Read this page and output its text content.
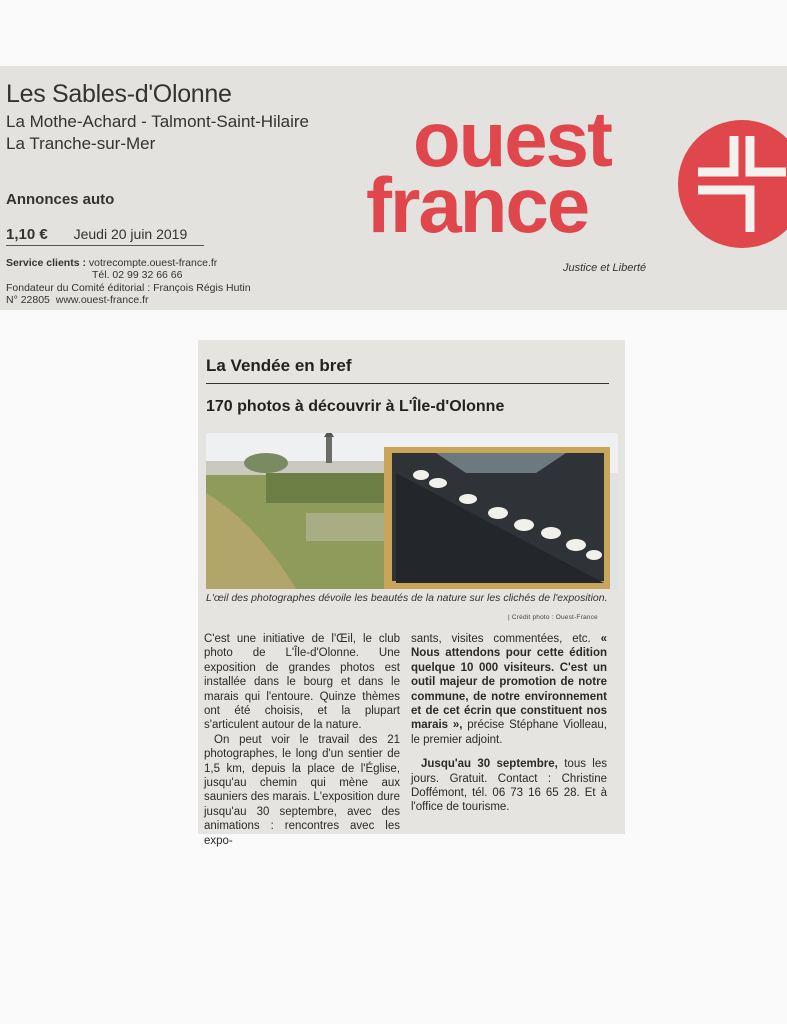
Les Sables-d'Olonne
La Mothe-Achard - Talmont-Saint-Hilaire
La Tranche-sur-Mer
Annonces auto
1,10 € Jeudi 20 juin 2019
Service clients : votrecompte.ouest-france.fr
Tél. 02 99 32 66 66
Fondateur du Comité éditorial : François Régis Hutin
N° 22805 www.ouest-france.fr
ouest
france
Justice et Liberté
La Vendée en bref
170 photos à découvrir à L'Île-d'Olonne
L'œil des photographes dévoile les beautés de la nature sur les clichés de l'exposition.
| Crédit photo : Ouest-France

C'est une initiative de l'Œil, le club photo de L'Île-d'Olonne. Une exposition de grandes photos est installée dans le bourg et dans le marais qui l'entoure. Quinze thèmes ont été choisis, et la plupart s'articulent autour de la nature.

On peut voir le travail des 21 photographes, le long d'un sentier de 1,5 km, depuis la place de l'Église, jusqu'au chemin qui mène aux sauniers des marais. L'exposition dure jusqu'au 30 septembre, avec des animations : rencontres avec les expo-

sants, visites commentées, etc. « Nous attendons pour cette édition quelque 10 000 visiteurs. C'est un outil majeur de promotion de notre commune, de notre environnement et de cet écrin que constituent nos marais », précise Stéphane Violleau, le premier adjoint.

Jusqu'au 30 septembre, tous les jours. Gratuit. Contact : Christine Doffémont, tél. 06 73 16 65 28. Et à l'office de tourisme.
